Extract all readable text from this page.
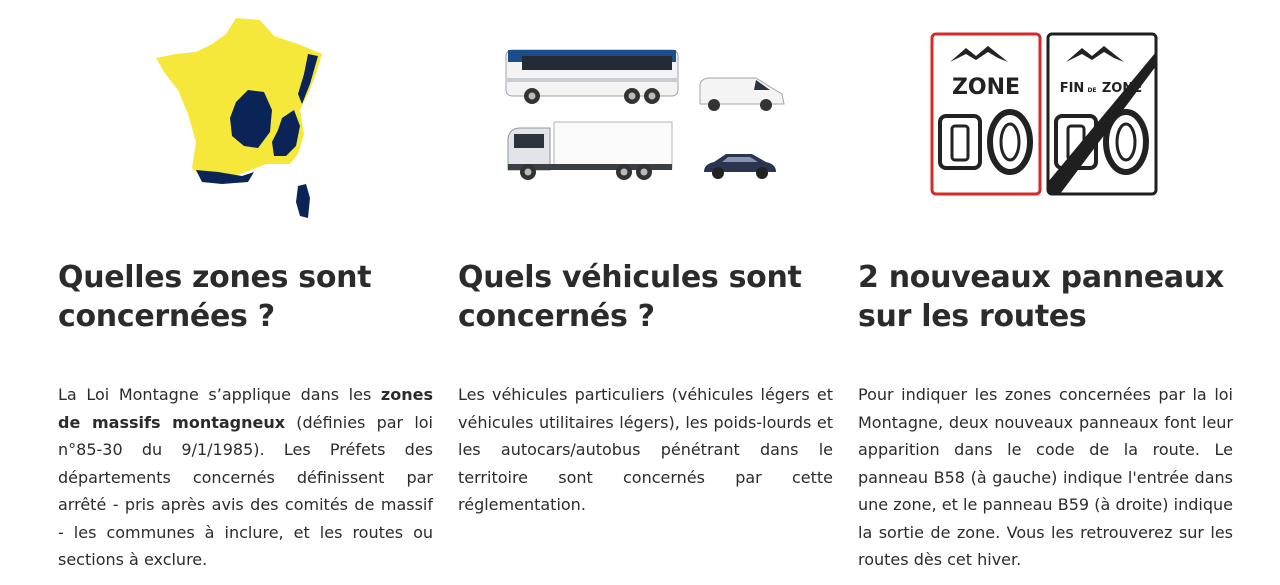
Quelles zones sont concernées ?

La Loi Montagne s’applique dans les zones de massifs montagneux (définies par loi n°85-30 du 9/1/1985). Les Préfets des départements concernés définissent par arrêté - pris après avis des comités de massif - les communes à inclure, et les routes ou sections à exclure.

Quels véhicules sont concernés ?

Les véhicules particuliers (véhicules légers et véhicules utilitaires légers), les poids-lourds et les autocars/autobus pénétrant dans le territoire sont concernés par cette réglementation.

ZONE	FIN DE ZONE
2 nouveaux panneaux sur les routes

Pour indiquer les zones concernées par la loi Montagne, deux nouveaux panneaux font leur apparition dans le code de la route. Le panneau B58 (à gauche) indique l'entrée dans une zone, et le panneau B59 (à droite) indique la sortie de zone. Vous les retrouverez sur les routes dès cet hiver.
